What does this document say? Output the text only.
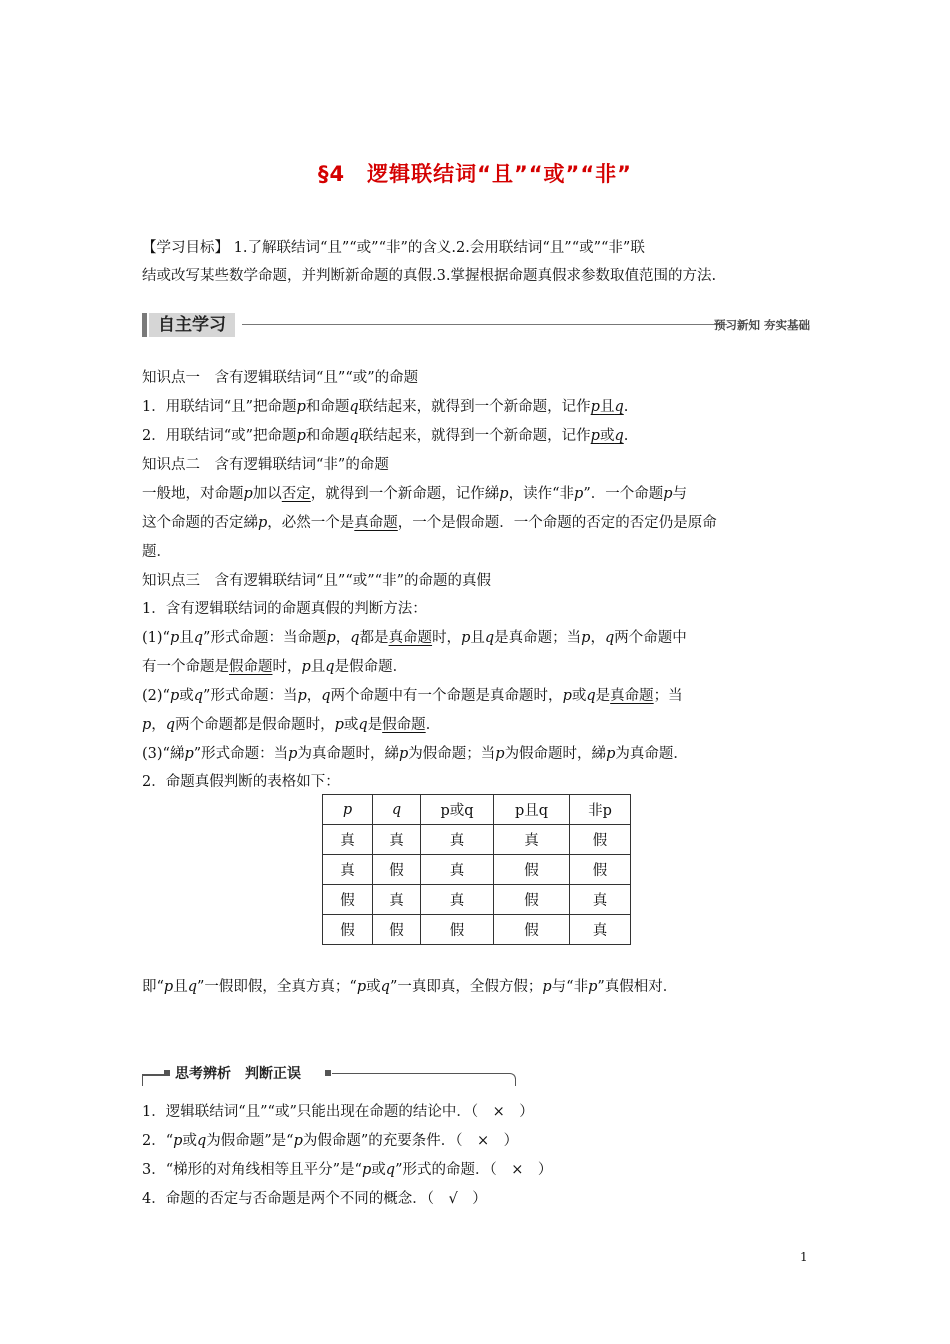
§4　逻辑联结词“且”“或”“非”
【学习目标】 1.了解联结词“且”“或”“非”的含义.2.会用联结词“且”“或”“非”联
结或改写某些数学命题，并判断新命题的真假.3.掌握根据命题真假求参数取值范围的方法.
自主学习	预习新知 夯实基础
知识点一　含有逻辑联结词“且”“或”的命题
1．用联结词“且”把命题p和命题q联结起来，就得到一个新命题，记作p且q.
2．用联结词“或”把命题p和命题q联结起来，就得到一个新命题，记作p或q.
知识点二　含有逻辑联结词“非”的命题
一般地，对命题p加以否定，就得到一个新命题，记作綈p，读作“非p”．一个命题p与
这个命题的否定綈p，必然一个是真命题，一个是假命题．一个命题的否定的否定仍是原命
题．
知识点三　含有逻辑联结词“且”“或”“非”的命题的真假
1．含有逻辑联结词的命题真假的判断方法：
(1)“p且q”形式命题：当命题p，q都是真命题时，p且q是真命题；当p，q两个命题中
有一个命题是假命题时，p且q是假命题．
(2)“p或q”形式命题：当p，q两个命题中有一个命题是真命题时，p或q是真命题；当
p，q两个命题都是假命题时，p或q是假命题．
(3)“綈p”形式命题：当p为真命题时，綈p为假命题；当p为假命题时，綈p为真命题．
2．命题真假判断的表格如下：
p	q	p或q	p且q	非p
真	真	真	真	假
真	假	真	假	假
假	真	真	假	真
假	假	假	假	真
即“p且q”一假即假，全真方真；“p或q”一真即真，全假方假；p与“非p”真假相对．
思考辨析　判断正误
1．逻辑联结词“且”“或”只能出现在命题的结论中．（　×　）
2．“p或q为假命题”是“p为假命题”的充要条件．（　×　）
3．“梯形的对角线相等且平分”是“p或q”形式的命题．（　×　）
4．命题的否定与否命题是两个不同的概念．（　√　）
1
